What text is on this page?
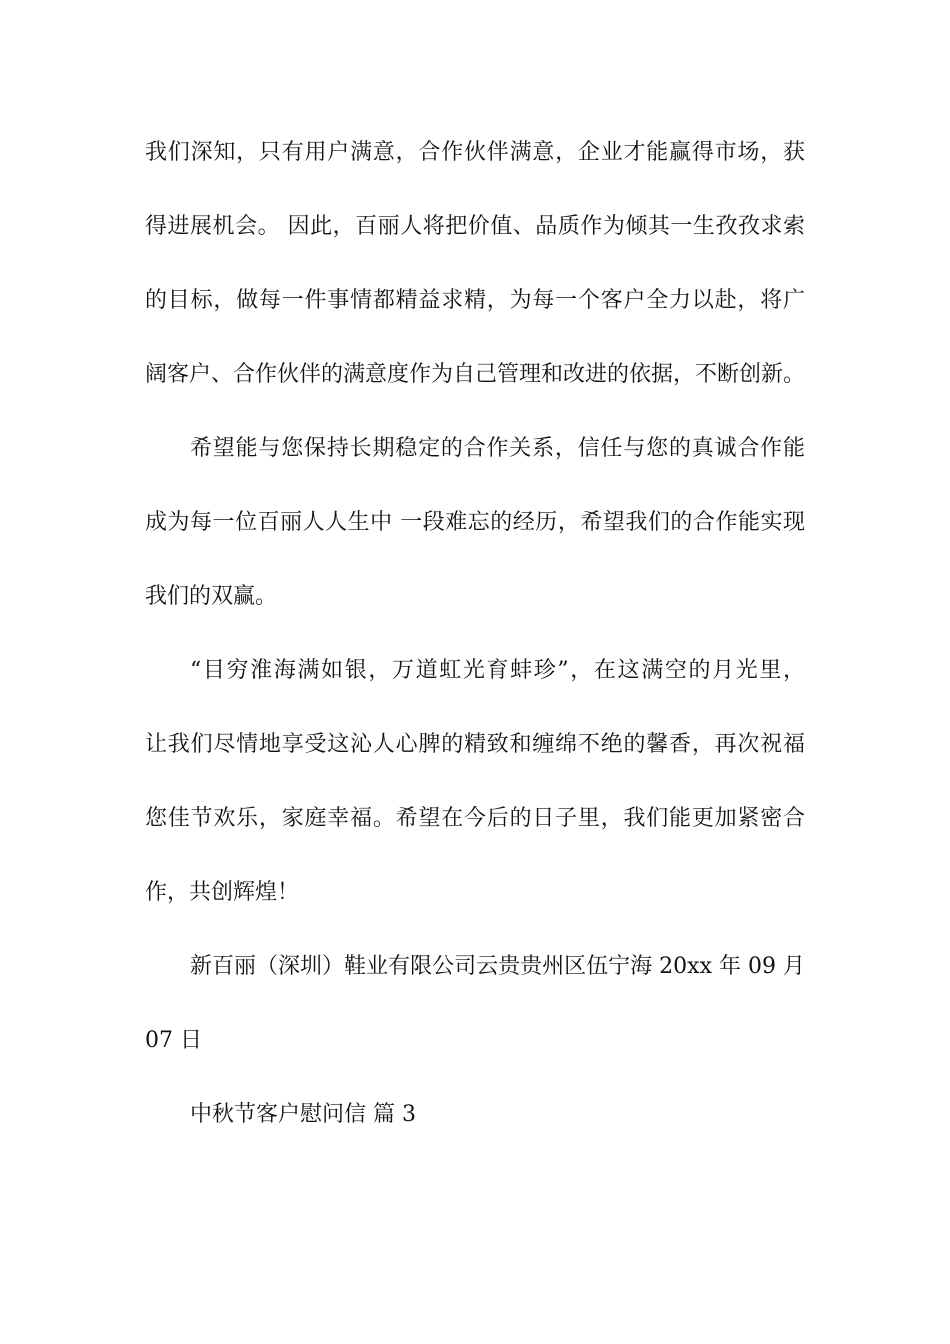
我们深知，只有用户满意，合作伙伴满意，企业才能赢得市场，获
得进展机会。 因此，百丽人将把价值、品质作为倾其一生孜孜求索
的目标，做每一件事情都精益求精，为每一个客户全力以赴，将广
阔客户、合作伙伴的满意度作为自己管理和改进的依据，不断创新。
希望能与您保持长期稳定的合作关系，信任与您的真诚合作能
成为每一位百丽人人生中 一段难忘的经历，希望我们的合作能实现
我们的双赢。
“目穷淮海满如银，万道虹光育蚌珍”，在这满空的月光里，
让我们尽情地享受这沁人心脾的精致和缠绵不绝的馨香，再次祝福
您佳节欢乐，家庭幸福。希望在今后的日子里，我们能更加紧密合
作，共创辉煌！
新百丽（深圳）鞋业有限公司云贵贵州区伍宁海 20xx 年 09 月
07 日
中秋节客户慰问信 篇 3
